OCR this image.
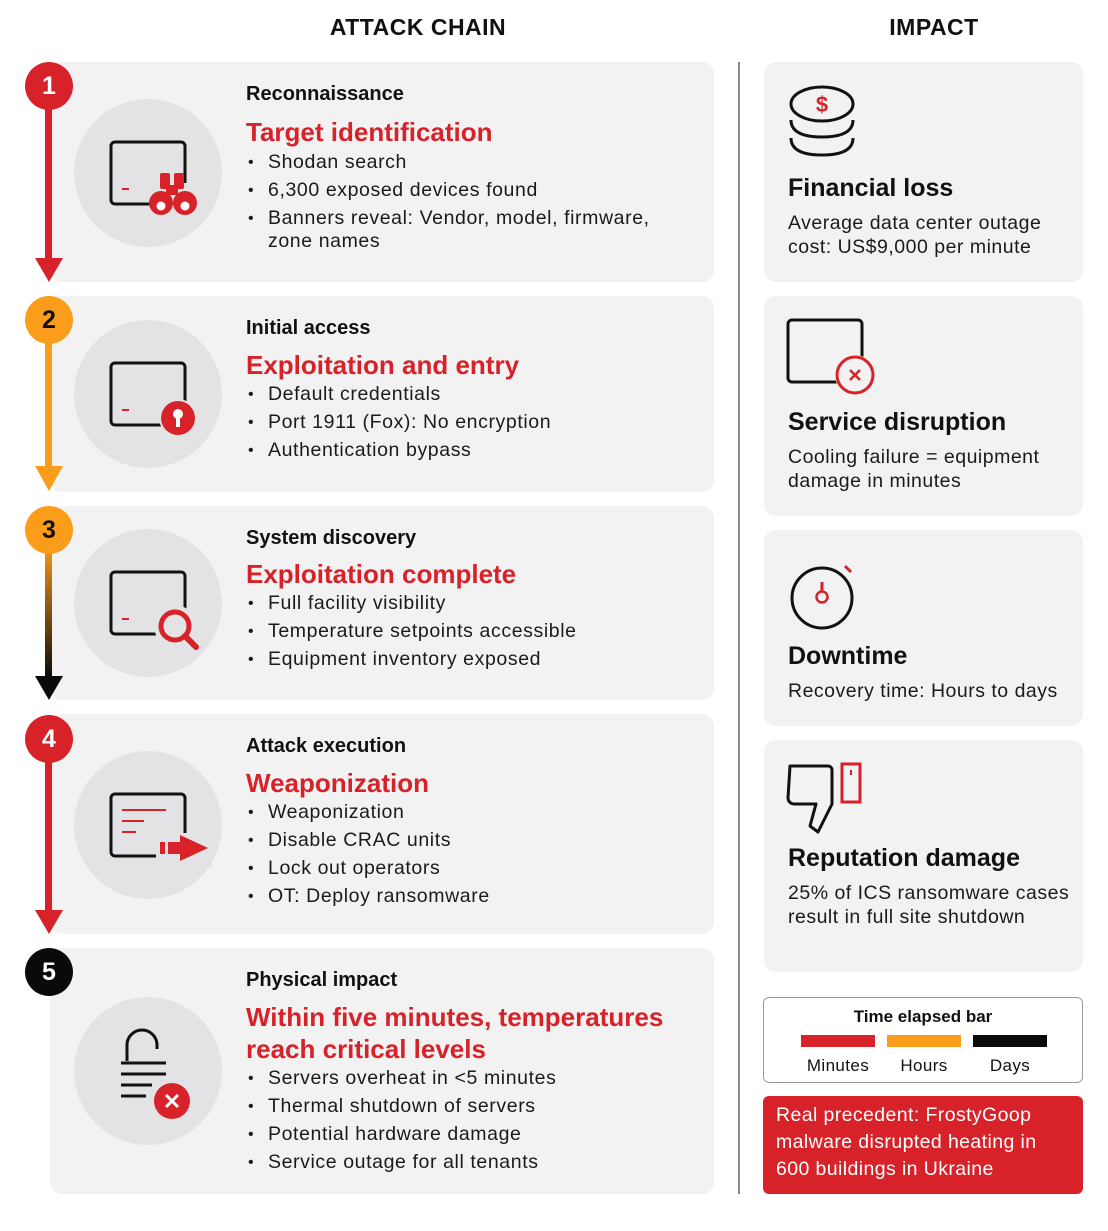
ATTACK CHAIN	IMPACT
Reconnaissance
Target identification
• Shodan search
• 6,300 exposed devices found
• Banners reveal: Vendor, model, firmware, zone names
Initial access
Exploitation and entry
• Default credentials
• Port 1911 (Fox): No encryption
• Authentication bypass
System discovery
Exploitation complete
• Full facility visibility
• Temperature setpoints accessible
• Equipment inventory exposed
Attack execution
Weaponization
• Weaponization
• Disable CRAC units
• Lock out operators
• OT: Deploy ransomware
Physical impact
Within five minutes, temperatures reach critical levels
• Servers overheat in <5 minutes
• Thermal shutdown of servers
• Potential hardware damage
• Service outage for all tenants
1
2
3
4
5
$
Financial loss
Average data center outage cost: US$9,000 per minute
Service disruption
Cooling failure = equipment damage in minutes
Downtime
Recovery time: Hours to days
Reputation damage
25% of ICS ransomware cases result in full site shutdown
Time elapsed bar
Minutes	Hours	Days
Real precedent: FrostyGoop malware disrupted heating in 600 buildings in Ukraine
